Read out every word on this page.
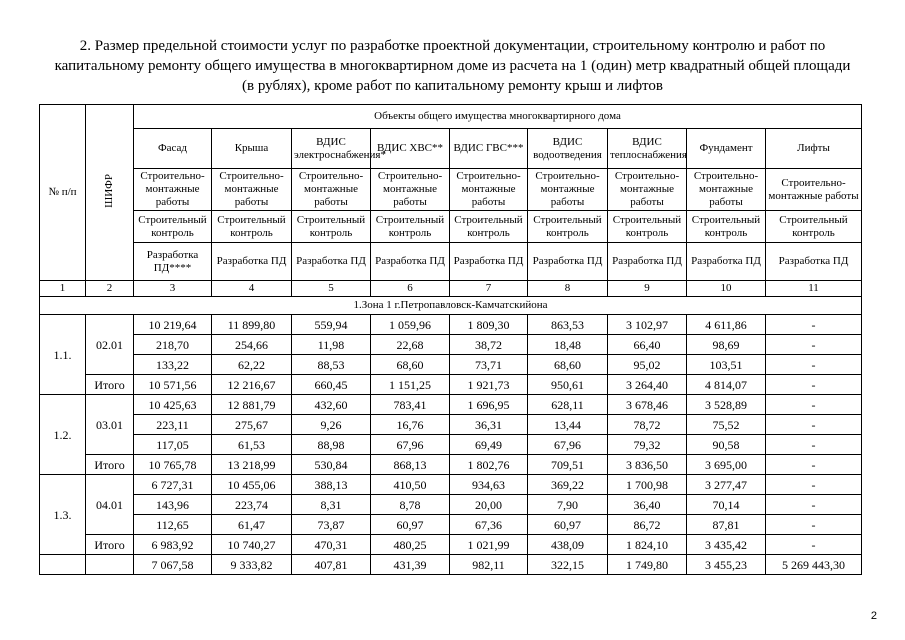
2. Размер предельной стоимости услуг по разработке проектной документации, строительному контролю и работ по
капитальному ремонту общего имущества в многоквартирном доме из расчета на 1 (один) метр квадратный общей площади
(в рублях), кроме работ по капитальному ремонту крыш и лифтов
№ п/п	ШИФР	Объекты общего имущества многоквартирного дома								
		Фасад	Крыша	ВДИС электроснабжения*	ВДИС ХВС**	ВДИС ГВС***	ВДИС водоотведения	ВДИС теплоснабжения	Фундамент	Лифты
		Строительно-монтажные работы	Строительно-монтажные работы	Строительно-монтажные работы	Строительно-монтажные работы	Строительно-монтажные работы	Строительно-монтажные работы	Строительно-монтажные работы	Строительно-монтажные работы	Строительно-монтажные работы
		Строительный контроль	Строительный контроль	Строительный контроль	Строительный контроль	Строительный контроль	Строительный контроль	Строительный контроль	Строительный контроль	Строительный контроль
		Разработка ПД****	Разработка ПД	Разработка ПД	Разработка ПД	Разработка ПД	Разработка ПД	Разработка ПД	Разработка ПД	Разработка ПД
1	2	3	4	5	6	7	8	9	10	11
1.Зона 1 г.Петропавловск-Камчатскийона										
1.1.	02.01	10 219,64	11 899,80	559,94	1 059,96	1 809,30	863,53	3 102,97	4 611,86	-
		218,70	254,66	11,98	22,68	38,72	18,48	66,40	98,69	-
		133,22	62,22	88,53	68,60	73,71	68,60	95,02	103,51	-
	Итого	10 571,56	12 216,67	660,45	1 151,25	1 921,73	950,61	3 264,40	4 814,07	-
1.2.	03.01	10 425,63	12 881,79	432,60	783,41	1 696,95	628,11	3 678,46	3 528,89	-
		223,11	275,67	9,26	16,76	36,31	13,44	78,72	75,52	-
		117,05	61,53	88,98	67,96	69,49	67,96	79,32	90,58	-
	Итого	10 765,78	13 218,99	530,84	868,13	1 802,76	709,51	3 836,50	3 695,00	-
1.3.	04.01	6 727,31	10 455,06	388,13	410,50	934,63	369,22	1 700,98	3 277,47	-
		143,96	223,74	8,31	8,78	20,00	7,90	36,40	70,14	-
		112,65	61,47	73,87	60,97	67,36	60,97	86,72	87,81	-
	Итого	6 983,92	10 740,27	470,31	480,25	1 021,99	438,09	1 824,10	3 435,42	-
		7 067,58	9 333,82	407,81	431,39	982,11	322,15	1 749,80	3 455,23	5 269 443,30
2
